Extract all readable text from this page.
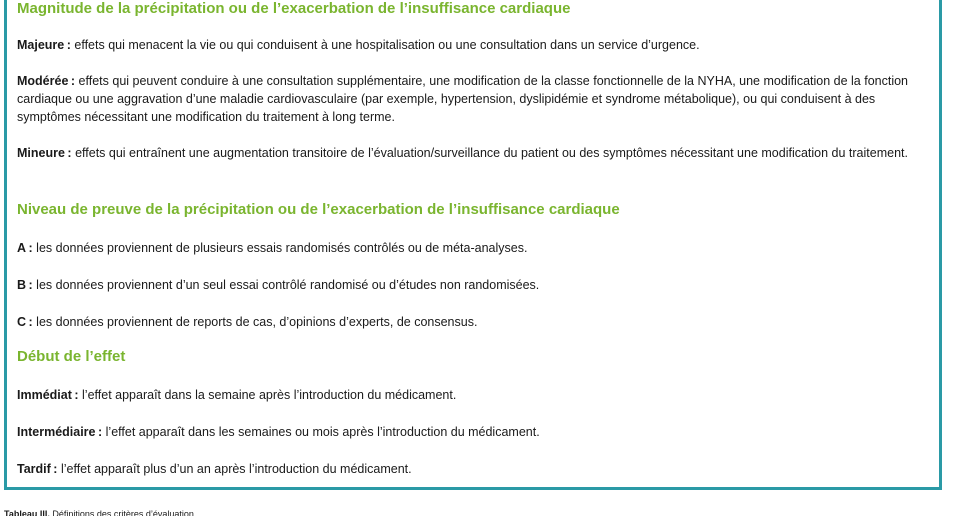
Magnitude de la précipitation ou de l’exacerbation de l’insuffisance cardiaque

Majeure : effets qui menacent la vie ou qui conduisent à une hospitalisation ou une consultation dans un service d’urgence.

Modérée : effets qui peuvent conduire à une consultation supplémentaire, une modification de la classe fonctionnelle de la NYHA, une modification de la fonction cardiaque ou une aggravation d’une maladie cardiovasculaire (par exemple, hypertension, dyslipidémie et syndrome métabolique), ou qui conduisent à des symptômes nécessitant une modification du traitement à long terme.

Mineure : effets qui entraînent une augmentation transitoire de l’évaluation/surveillance du patient ou des symptômes nécessitant une modification du traitement.

Niveau de preuve de la précipitation ou de l’exacerbation de l’insuffisance cardiaque

A : les données proviennent de plusieurs essais randomisés contrôlés ou de méta-analyses.

B : les données proviennent d’un seul essai contrôlé randomisé ou d’études non randomisées.

C : les données proviennent de reports de cas, d’opinions d’experts, de consensus.

Début de l’effet

Immédiat : l’effet apparaît dans la semaine après l’introduction du médicament.

Intermédiaire : l’effet apparaît dans les semaines ou mois après l’introduction du médicament.

Tardif : l’effet apparaît plus d’un an après l’introduction du médicament.

Tableau III. Définitions des critères d’évaluation.
